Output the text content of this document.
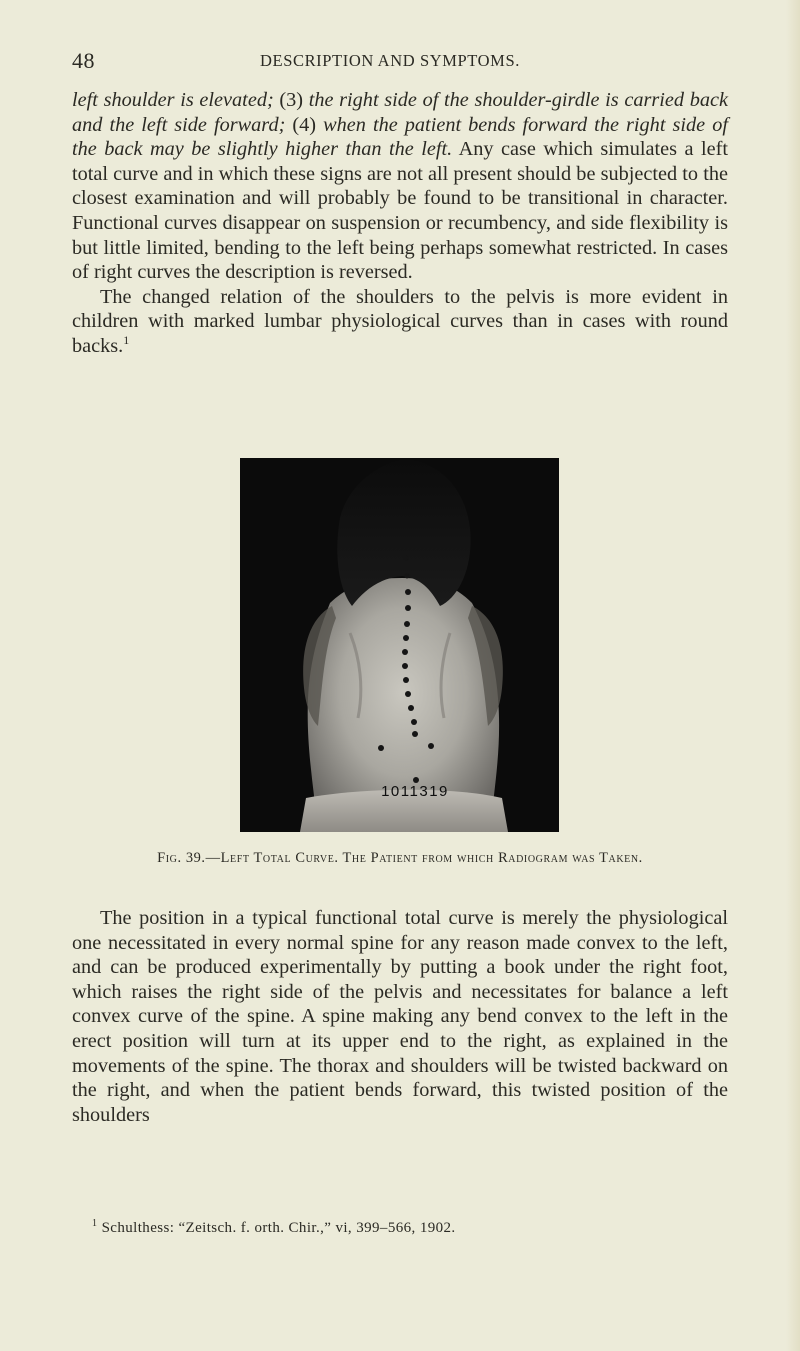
48	DESCRIPTION AND SYMPTOMS.

left shoulder is elevated; (3) the right side of the shoulder-girdle is carried back and the left side forward; (4) when the patient bends forward the right side of the back may be slightly higher than the left. Any case which simulates a left total curve and in which these signs are not all present should be subjected to the closest examination and will probably be found to be transitional in character. Functional curves disappear on suspension or recumbency, and side flexibility is but little limited, bending to the left being perhaps somewhat restricted. In cases of right curves the description is reversed.

The changed relation of the shoulders to the pelvis is more evident in children with marked lumbar physiological curves than in cases with round backs.$^1$

1011319
Fig. 39.—Left Total Curve. The Patient from which Radiogram was Taken.

The position in a typical functional total curve is merely the physiological one necessitated in every normal spine for any reason made convex to the left, and can be produced experimentally by putting a book under the right foot, which raises the right side of the pelvis and necessitates for balance a left convex curve of the spine. A spine making any bend convex to the left in the erect position will turn at its upper end to the right, as explained in the movements of the spine. The thorax and shoulders will be twisted backward on the right, and when the patient bends forward, this twisted position of the shoulders

$^1$ Schulthess: “Zeitsch. f. orth. Chir.,” vi, 399–566, 1902.
